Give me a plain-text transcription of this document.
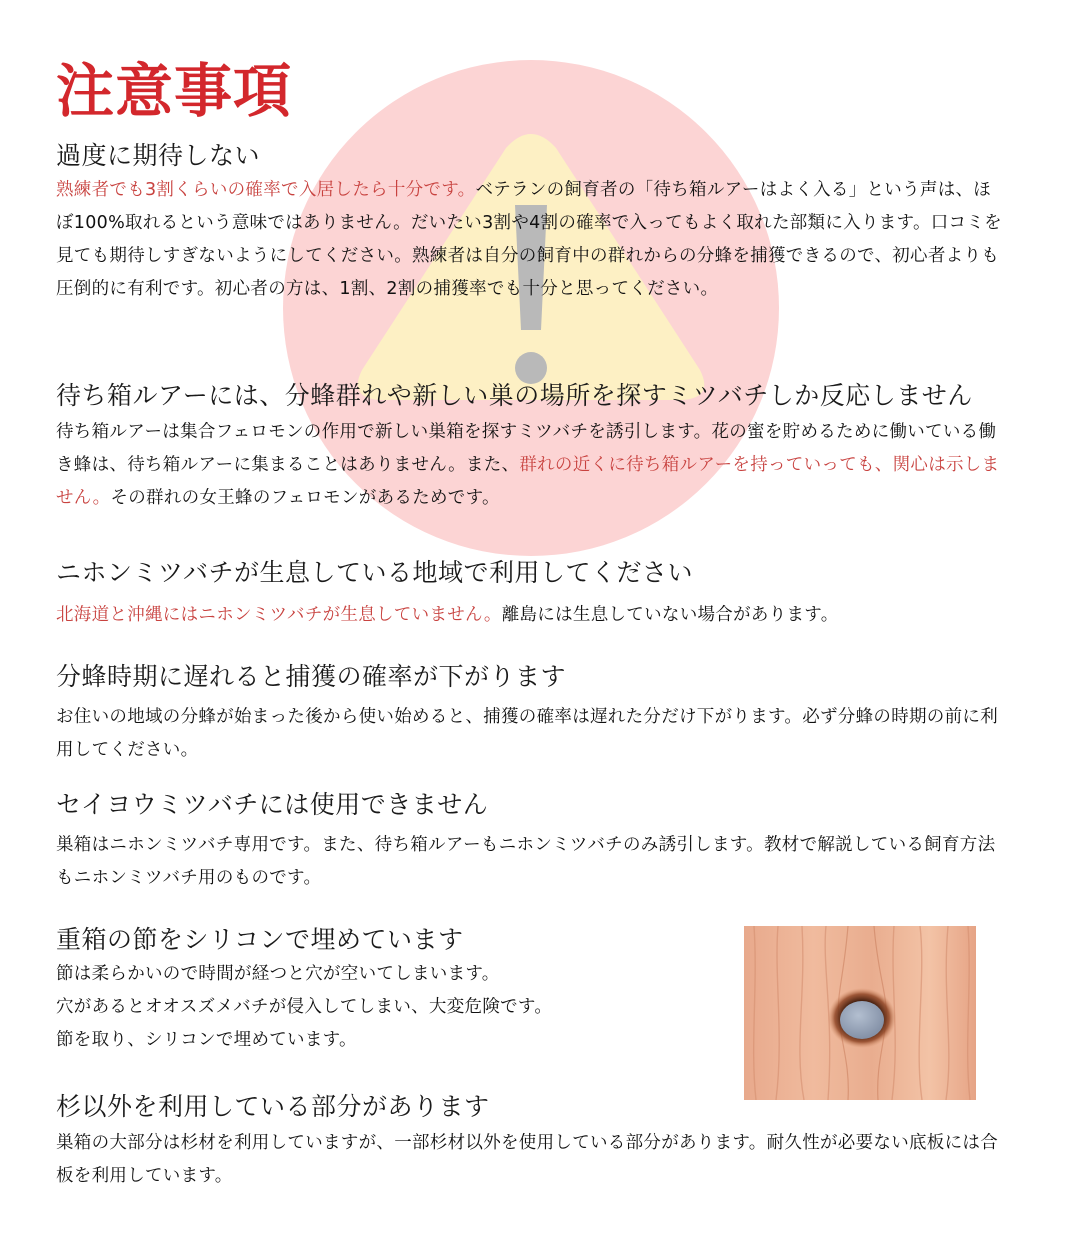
注意事項
過度に期待しない

熟練者でも3割くらいの確率で入居したら十分です。ベテランの飼育者の「待ち箱ルアーはよく入る」という声は、ほぼ100%取れるという意味ではありません。だいたい3割や4割の確率で入ってもよく取れた部類に入ります。口コミを見ても期待しすぎないようにしてください。熟練者は自分の飼育中の群れからの分蜂を捕獲できるので、初心者よりも圧倒的に有利です。初心者の方は、1割、2割の捕獲率でも十分と思ってください。

待ち箱ルアーには、分蜂群れや新しい巣の場所を探すミツバチしか反応しません

待ち箱ルアーは集合フェロモンの作用で新しい巣箱を探すミツバチを誘引します。花の蜜を貯めるために働いている働き蜂は、待ち箱ルアーに集まることはありません。また、群れの近くに待ち箱ルアーを持っていっても、関心は示しません。その群れの女王蜂のフェロモンがあるためです。

ニホンミツバチが生息している地域で利用してください

北海道と沖縄にはニホンミツバチが生息していません。離島には生息していない場合があります。

分蜂時期に遅れると捕獲の確率が下がります

お住いの地域の分蜂が始まった後から使い始めると、捕獲の確率は遅れた分だけ下がります。必ず分蜂の時期の前に利用してください。

セイヨウミツバチには使用できません

巣箱はニホンミツバチ専用です。また、待ち箱ルアーもニホンミツバチのみ誘引します。教材で解説している飼育方法もニホンミツバチ用のものです。

重箱の節をシリコンで埋めています

節は柔らかいので時間が経つと穴が空いてしまいます。

穴があるとオオスズメバチが侵入してしまい、大変危険です。

節を取り、シリコンで埋めています。

杉以外を利用している部分があります

巣箱の大部分は杉材を利用していますが、一部杉材以外を使用している部分があります。耐久性が必要ない底板には合板を利用しています。
